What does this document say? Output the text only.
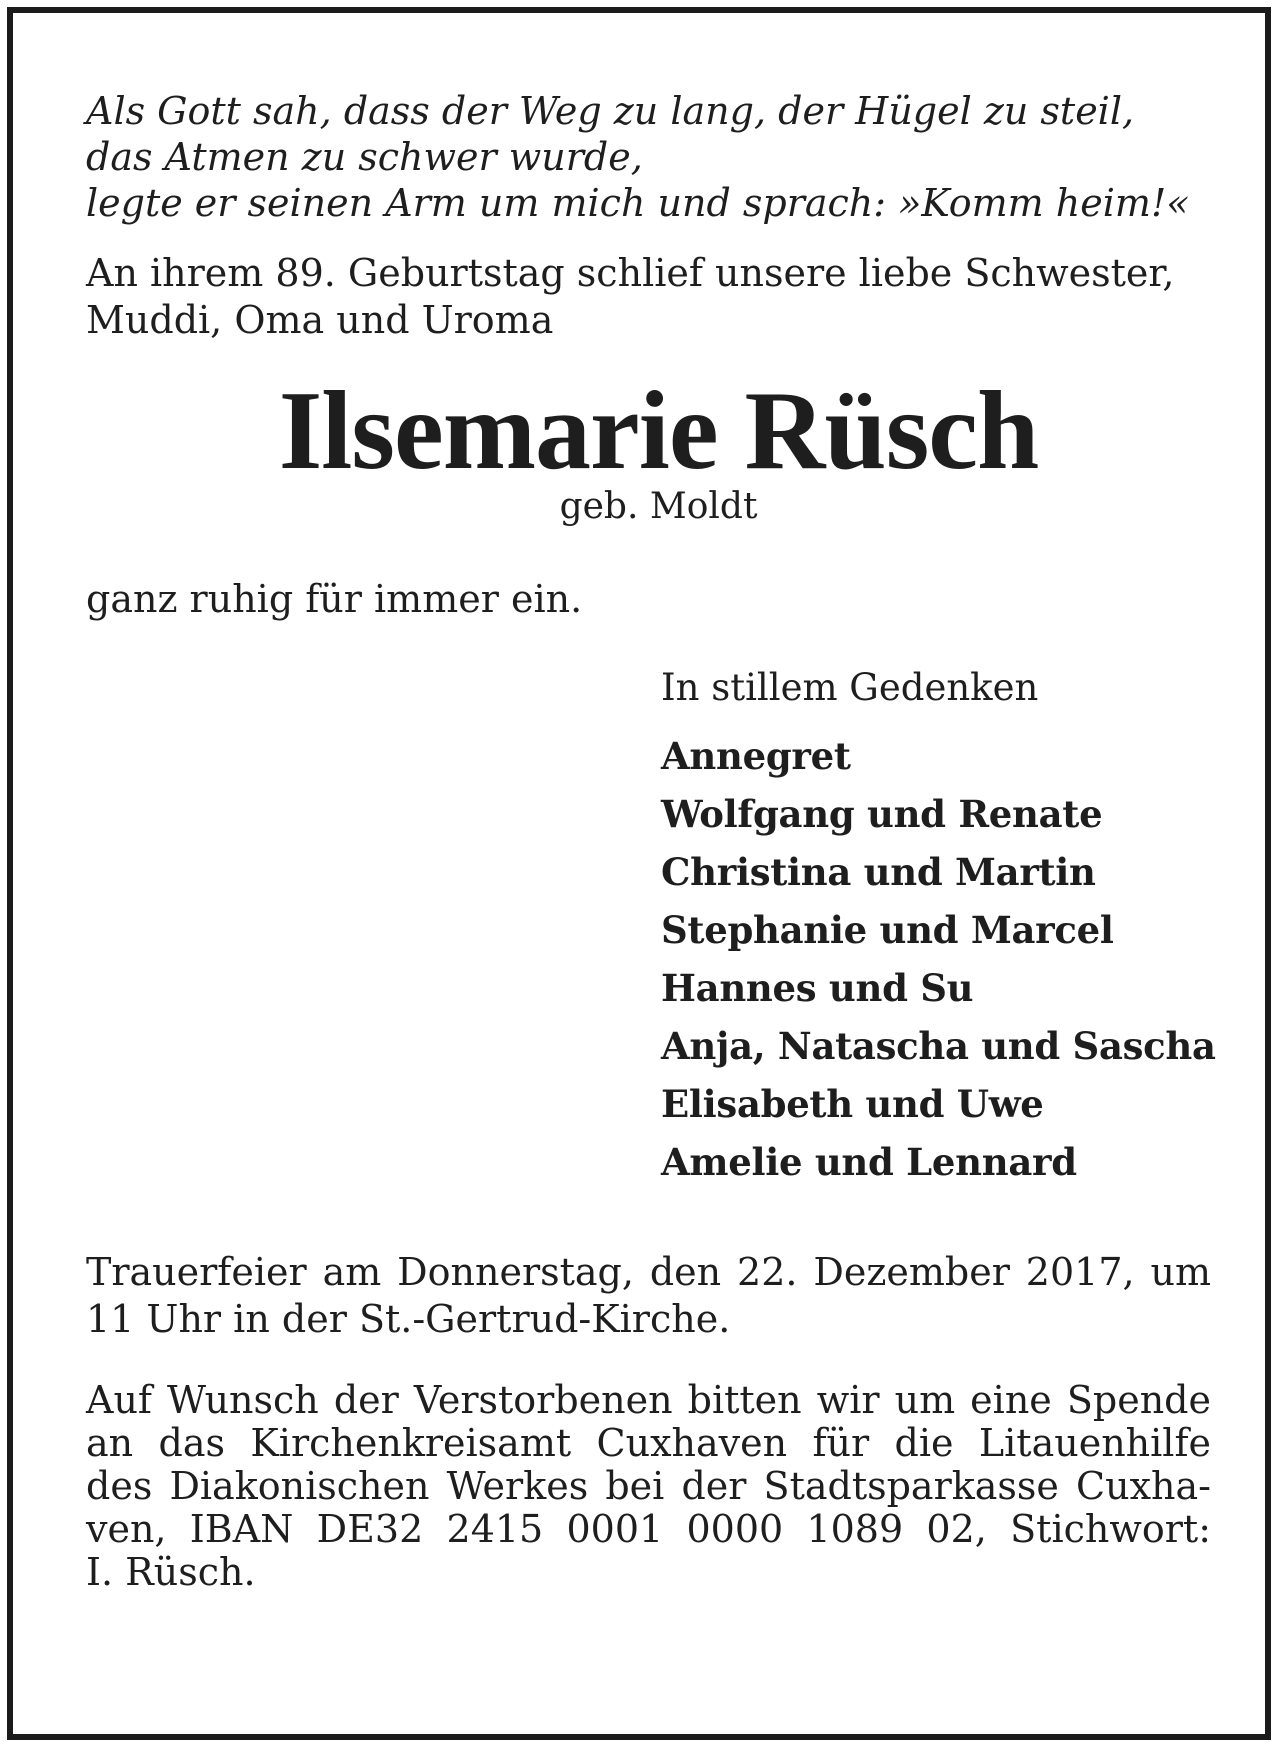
Als Gott sah, dass der Weg zu lang, der Hügel zu steil,
das Atmen zu schwer wurde,
legte er seinen Arm um mich und sprach: »Komm heim!«

An ihrem 89. Geburtstag schlief unsere liebe Schwester,
Muddi, Oma und Uroma

Ilsemarie Rüsch

geb. Moldt

ganz ruhig für immer ein.

In stillem Gedenken

Annegret
Wolfgang und Renate
Christina und Martin
Stephanie und Marcel
Hannes und Su
Anja, Natascha und Sascha
Elisabeth und Uwe
Amelie und Lennard

Trauerfeier am Donnerstag, den 22. Dezember 2017, um
11 Uhr in der St.-Gertrud-Kirche.

Auf Wunsch der Verstorbenen bitten wir um eine Spende
an das Kirchenkreisamt Cuxhaven für die Litauenhilfe
des Diakonischen Werkes bei der Stadtsparkasse Cuxha-
ven, IBAN DE32 2415 0001 0000 1089 02, Stichwort:
I. Rüsch.
